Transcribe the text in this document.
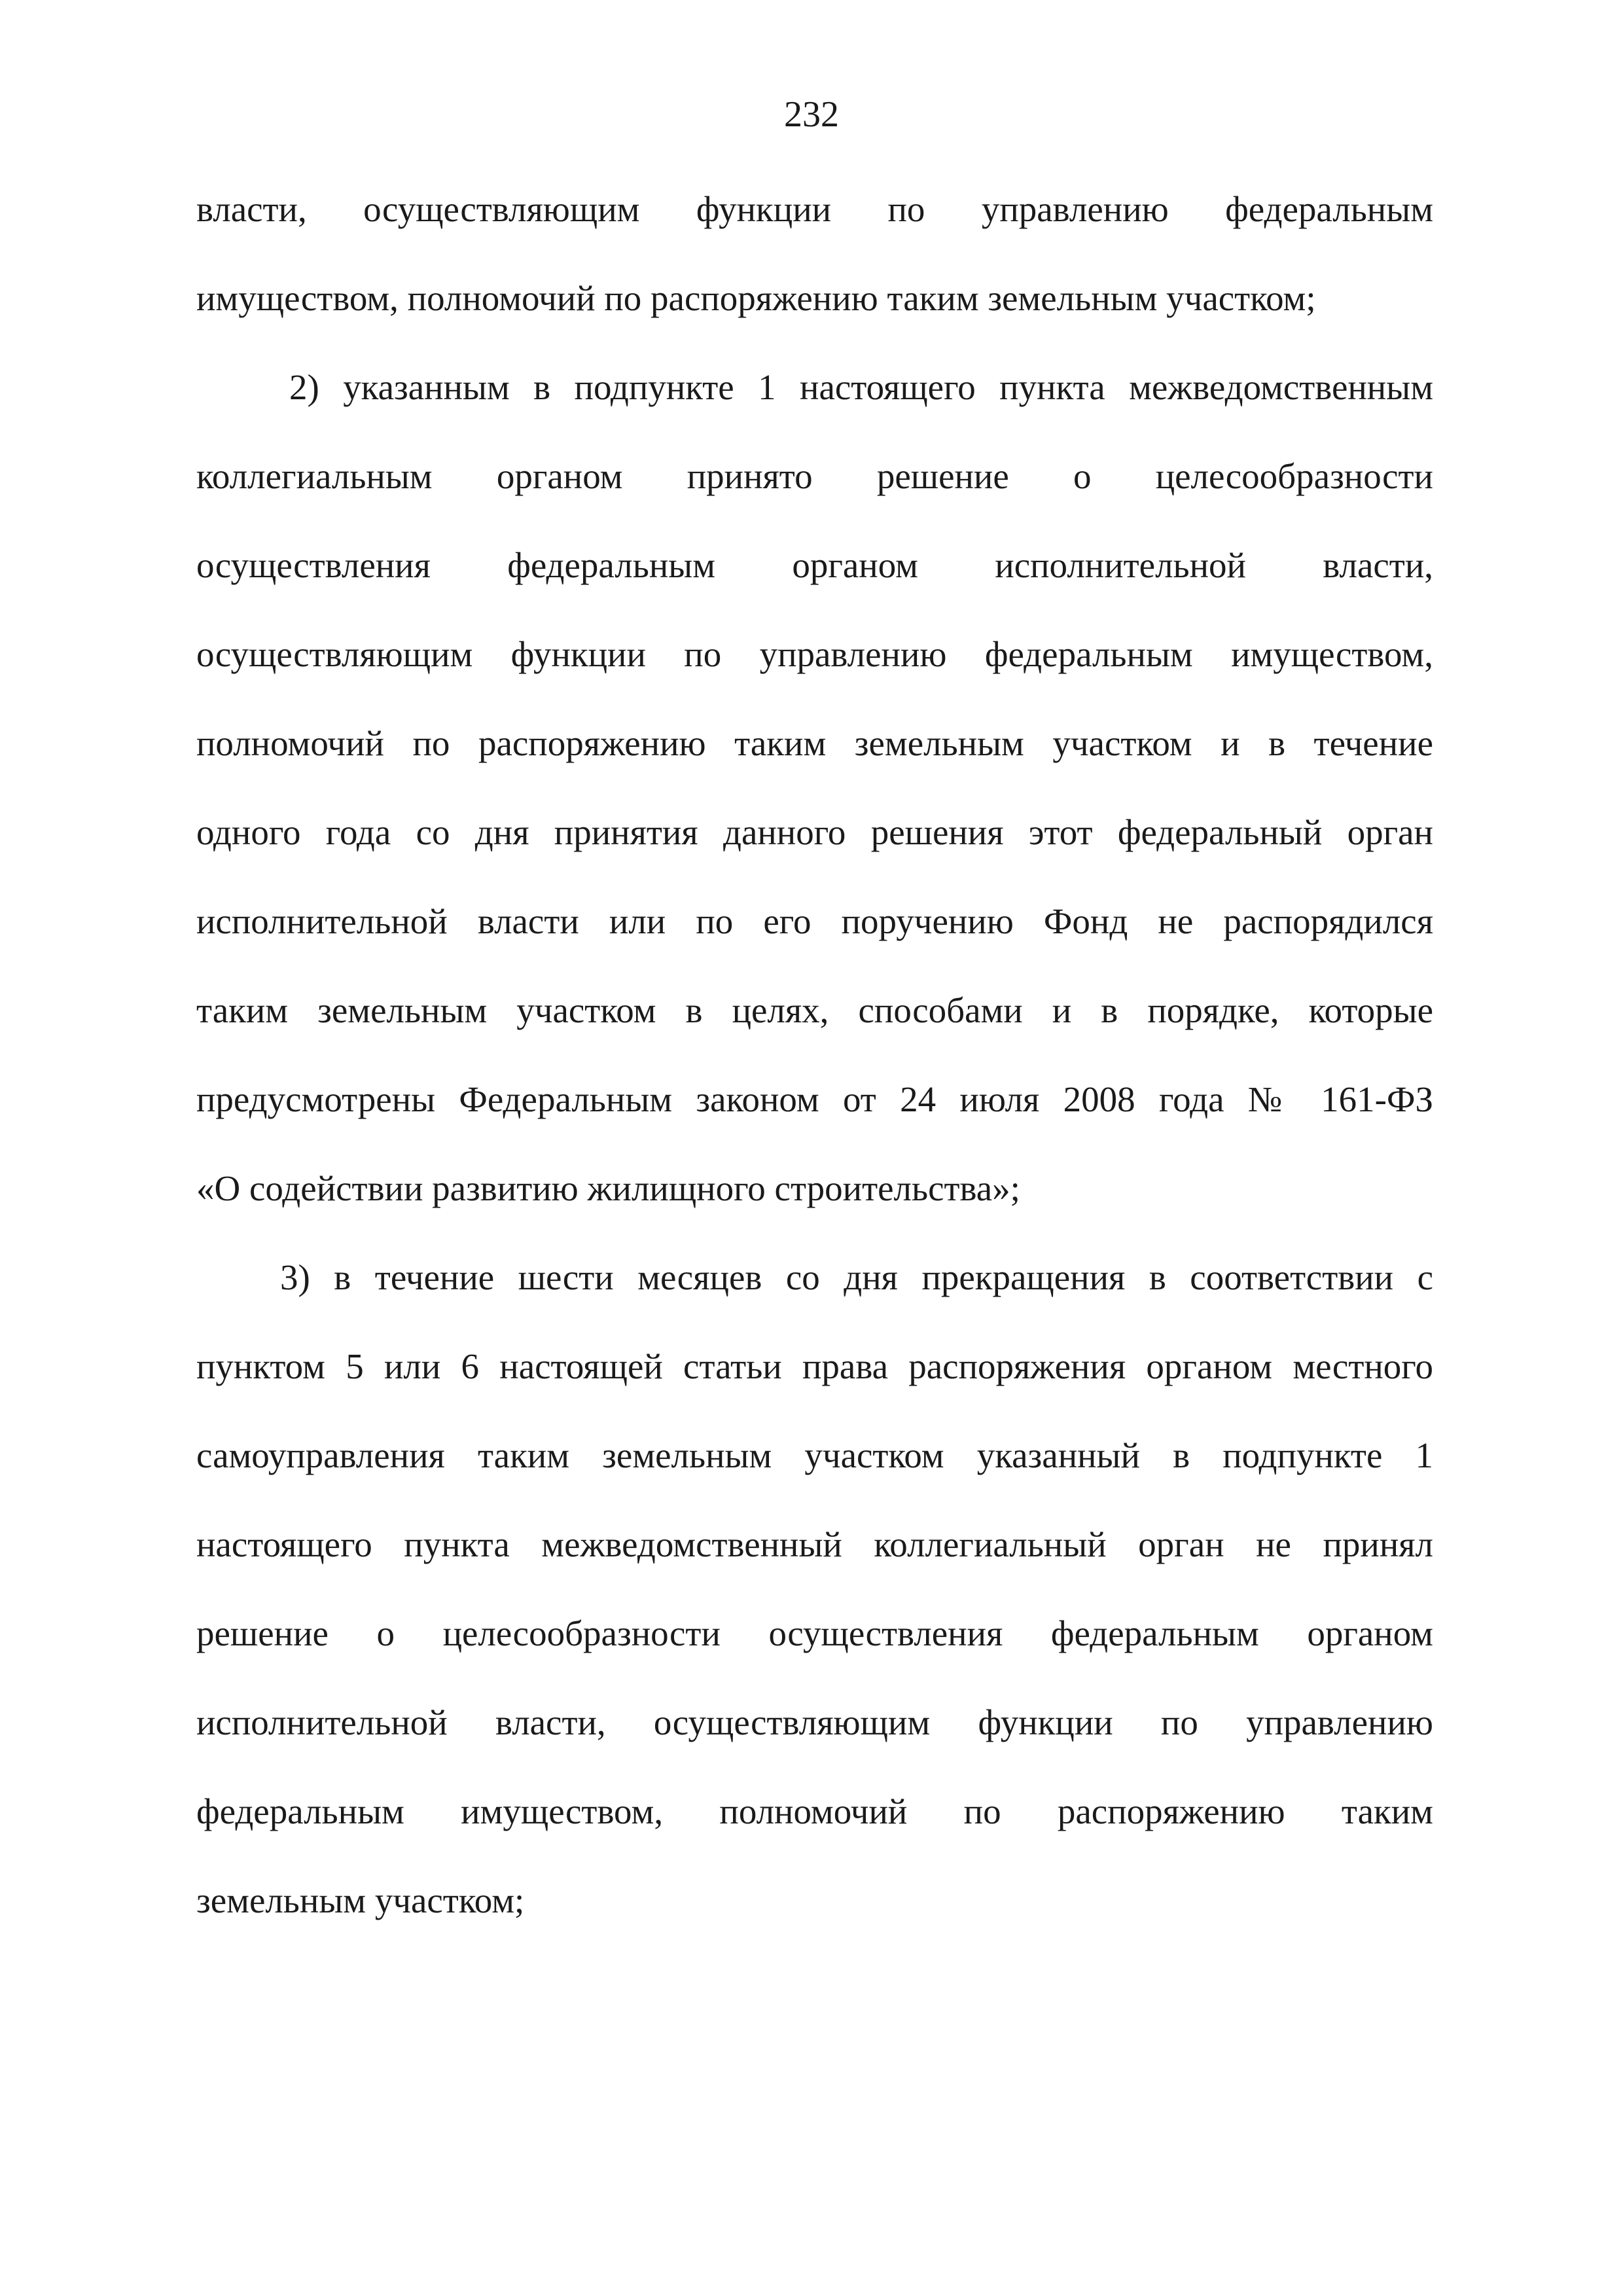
232
власти, осуществляющим функции по управлению федеральным
имуществом, полномочий по распоряжению таким земельным участком;
2) указанным в подпункте 1 настоящего пункта межведомственным
коллегиальным органом принято решение о целесообразности
осуществления федеральным органом исполнительной власти,
осуществляющим функции по управлению федеральным имуществом,
полномочий по распоряжению таким земельным участком и в течение
одного года со дня принятия данного решения этот федеральный орган
исполнительной власти или по его поручению Фонд не распорядился
таким земельным участком в целях, способами и в порядке, которые
предусмотрены Федеральным законом от 24 июля 2008 года № 161-ФЗ
«О содействии развитию жилищного строительства»;
3) в течение шести месяцев со дня прекращения в соответствии с
пунктом 5 или 6 настоящей статьи права распоряжения органом местного
самоуправления таким земельным участком указанный в подпункте 1
настоящего пункта межведомственный коллегиальный орган не принял
решение о целесообразности осуществления федеральным органом
исполнительной власти, осуществляющим функции по управлению
федеральным имуществом, полномочий по распоряжению таким
земельным участком;
